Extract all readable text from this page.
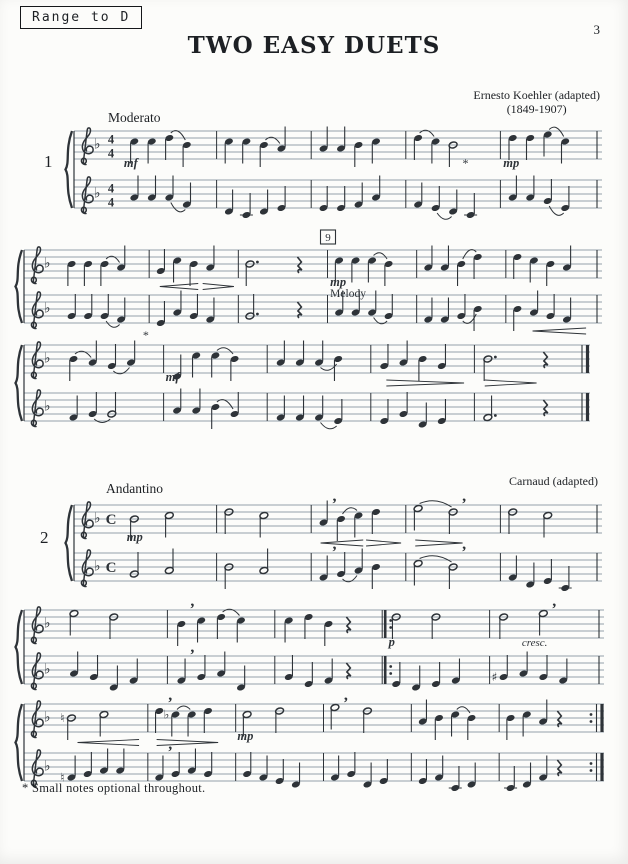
Range to D
3
TWO EASY DUETS
Ernesto Koehler (adapted)
(1849-1907)
1
Moderato
♭ 4
4
♭ 4
4
mf	mp
*
♭
♭
9
mp
Melody
♭
♭
mf
*
2
Andantino	Carnaud (adapted)
♭ C
♭ C
,	,
,	,
mp
♭
♭
,	,
,
♯
p	cresc.
♭
♭
♮
,
♭
,
♮
mp
* Small notes optional throughout.
